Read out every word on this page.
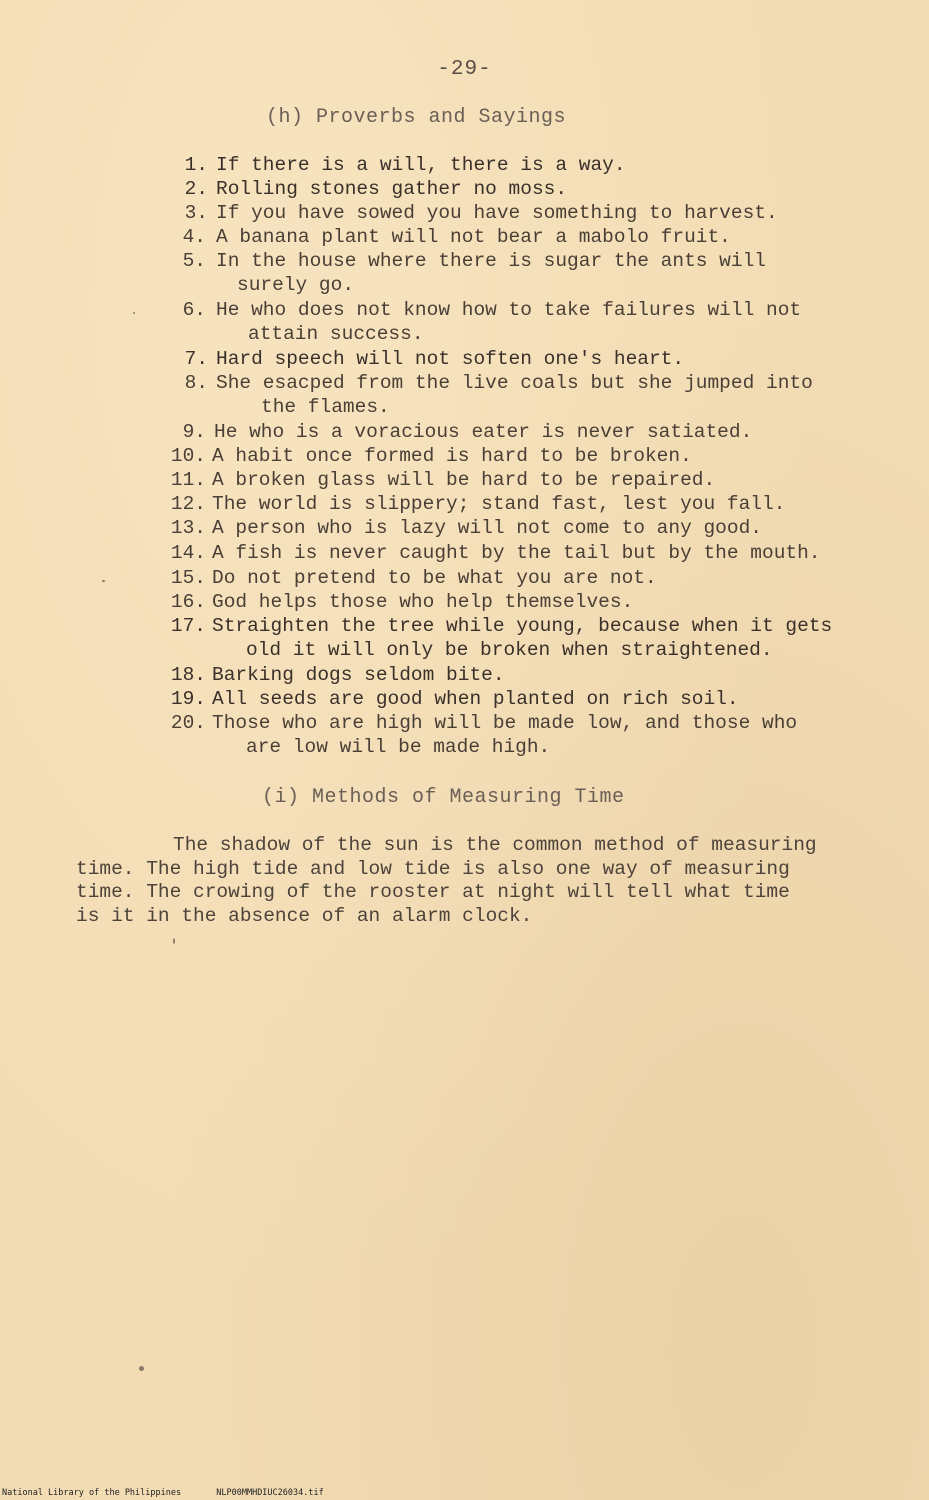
-29-
(h) Proverbs and Sayings
1. If there is a will, there is a way.
2. Rolling stones gather no moss.
3. If you have sowed you have something to harvest.
4. A banana plant will not bear a mabolo fruit.
5. In the house where there is sugar the ants will
surely go.
6. He who does not know how to take failures will not
attain success.
7. Hard speech will not soften one's heart.
8. She esacped from the live coals but she jumped into
the flames.
9. He who is a voracious eater is never satiated.
10. A habit once formed is hard to be broken.
11. A broken glass will be hard to be repaired.
12. The world is slippery; stand fast, lest you fall.
13. A person who is lazy will not come to any good.
14. A fish is never caught by the tail but by the mouth.
15. Do not pretend to be what you are not.
16. God helps those who help themselves.
17. Straighten the tree while young, because when it gets
old it will only be broken when straightened.
18. Barking dogs seldom bite.
19. All seeds are good when planted on rich soil.
20. Those who are high will be made low, and those who
are low will be made high.
(i) Methods of Measuring Time
The shadow of the sun is the common method of measuring
time. The high tide and low tide is also one way of measuring
time. The crowing of the rooster at night will tell what time
is it in the absence of an alarm clock.
National Library of the Philippines	NLP00MMHDIUC26034.tif
